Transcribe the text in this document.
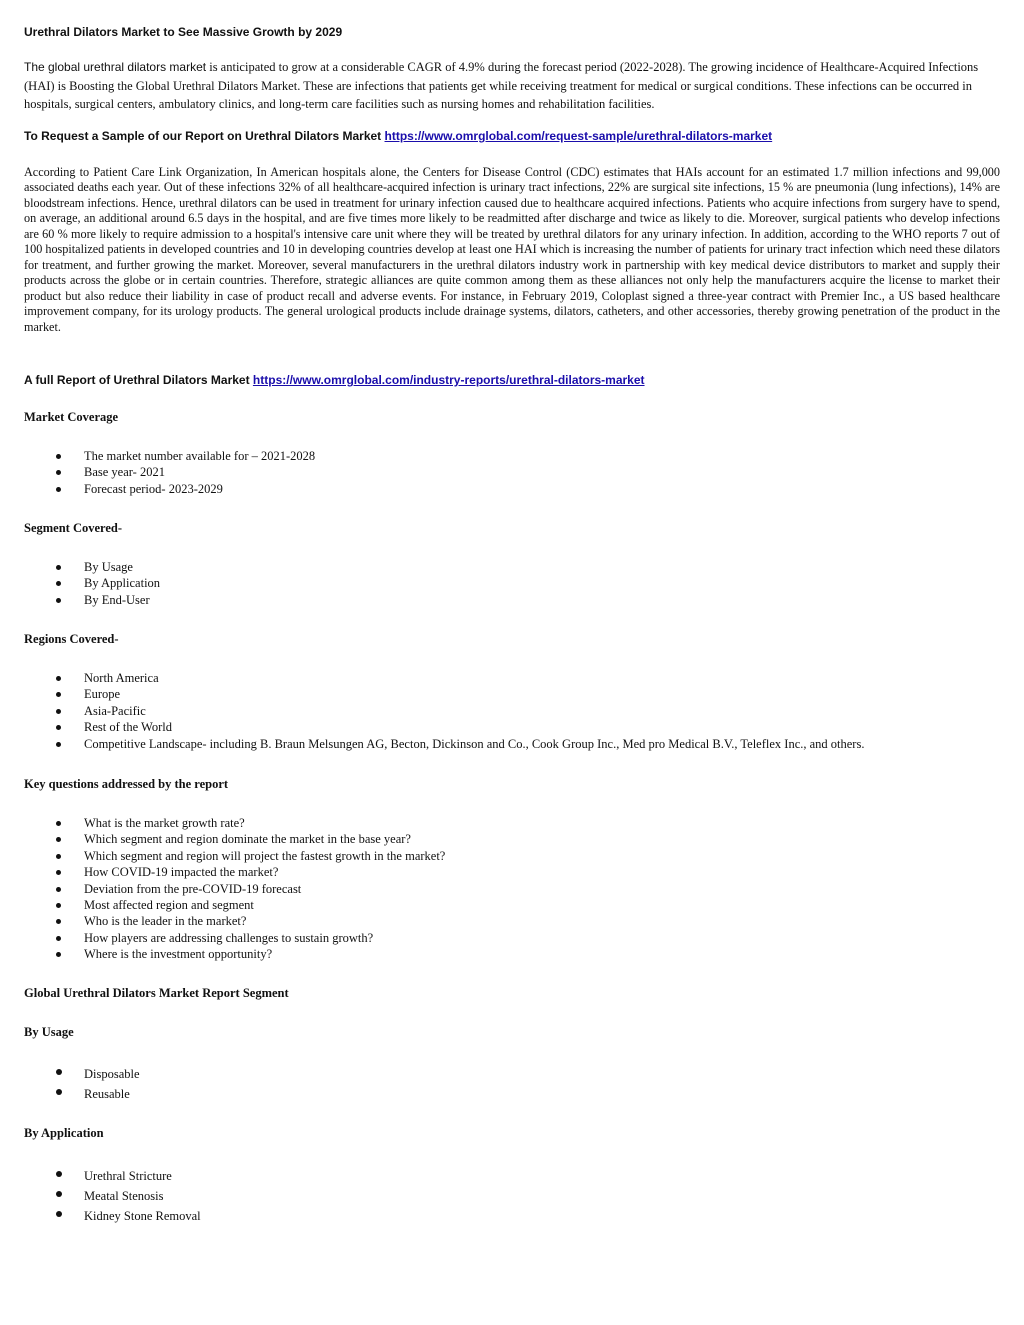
Urethral Dilators Market to See Massive Growth by 2029

The global urethral dilators market is anticipated to grow at a considerable CAGR of 4.9% during the forecast period (2022-2028). The growing incidence of Healthcare-Acquired Infections (HAI) is Boosting the Global Urethral Dilators Market. These are infections that patients get while receiving treatment for medical or surgical conditions. These infections can be occurred in hospitals, surgical centers, ambulatory clinics, and long-term care facilities such as nursing homes and rehabilitation facilities.

To Request a Sample of our Report on Urethral Dilators Market https://www.omrglobal.com/request-sample/urethral-dilators-market

According to Patient Care Link Organization, In American hospitals alone, the Centers for Disease Control (CDC) estimates that HAIs account for an estimated 1.7 million infections and 99,000 associated deaths each year. Out of these infections 32% of all healthcare-acquired infection is urinary tract infections, 22% are surgical site infections, 15 % are pneumonia (lung infections), 14% are bloodstream infections. Hence, urethral dilators can be used in treatment for urinary infection caused due to healthcare acquired infections. Patients who acquire infections from surgery have to spend, on average, an additional around 6.5 days in the hospital, and are five times more likely to be readmitted after discharge and twice as likely to die. Moreover, surgical patients who develop infections are 60 % more likely to require admission to a hospital's intensive care unit where they will be treated by urethral dilators for any urinary infection. In addition, according to the WHO reports 7 out of 100 hospitalized patients in developed countries and 10 in developing countries develop at least one HAI which is increasing the number of patients for urinary tract infection which need these dilators for treatment, and further growing the market. Moreover, several manufacturers in the urethral dilators industry work in partnership with key medical device distributors to market and supply their products across the globe or in certain countries. Therefore, strategic alliances are quite common among them as these alliances not only help the manufacturers acquire the license to market their product but also reduce their liability in case of product recall and adverse events. For instance, in February 2019, Coloplast signed a three-year contract with Premier Inc., a US based healthcare improvement company, for its urology products. The general urological products include drainage systems, dilators, catheters, and other accessories, thereby growing penetration of the product in the market.

A full Report of Urethral Dilators Market https://www.omrglobal.com/industry-reports/urethral-dilators-market
Market Coverage
The market number available for – 2021-2028
Base year- 2021
Forecast period- 2023-2029
Segment Covered-
By Usage
By Application
By End-User
Regions Covered-
North America
Europe
Asia-Pacific
Rest of the World
Competitive Landscape- including B. Braun Melsungen AG, Becton, Dickinson and Co., Cook Group Inc., Med pro Medical B.V., Teleflex Inc., and others.
Key questions addressed by the report
What is the market growth rate?
Which segment and region dominate the market in the base year?
Which segment and region will project the fastest growth in the market?
How COVID-19 impacted the market?
Deviation from the pre-COVID-19 forecast
Most affected region and segment
Who is the leader in the market?
How players are addressing challenges to sustain growth?
Where is the investment opportunity?
Global Urethral Dilators Market Report Segment
By Usage
Disposable
Reusable
By Application
Urethral Stricture
Meatal Stenosis
Kidney Stone Removal
